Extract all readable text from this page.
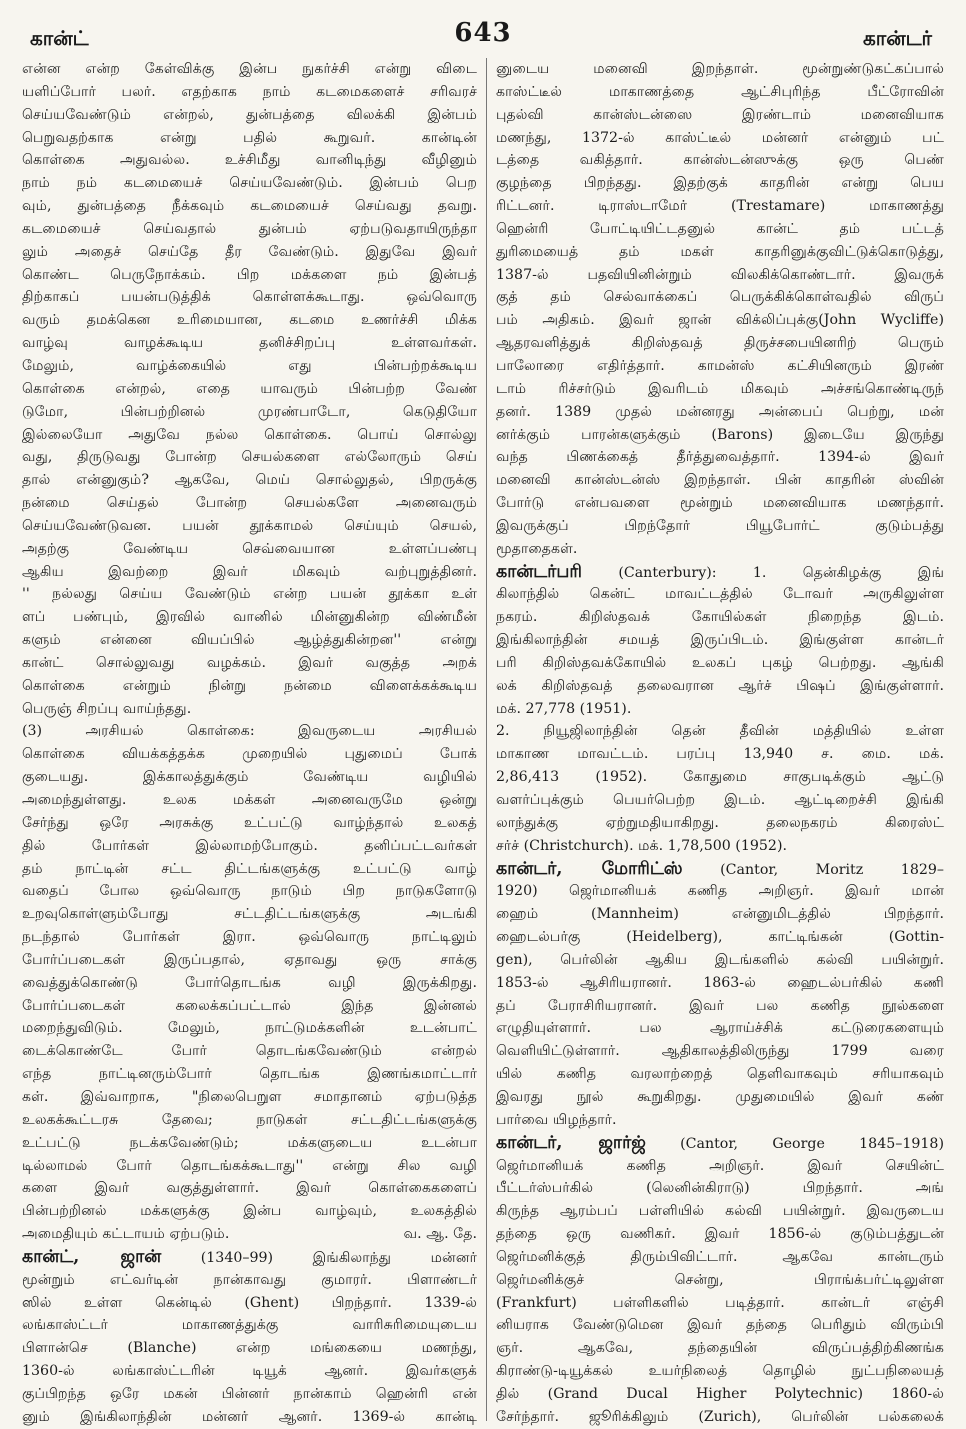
கான்ட்	643	கான்டர்
என்ன என்ற கேள்விக்கு இன்ப நுகர்ச்சி என்று விடை
யளிப்போர் பலர். எதற்காக நாம் கடமைகளைச் சரிவரச்
செய்யவேண்டும் என்றல், துன்பத்தை விலக்கி இன்பம்
பெறுவதற்காக என்று பதில் கூறுவர். கான்டின்
கொள்கை அதுவல்ல. உச்சிமீது வானிடிந்து வீழினும்
நாம் நம் கடமையைச் செய்யவேண்டும். இன்பம் பெற
வும், துன்பத்தை நீக்கவும் கடமையைச் செய்வது தவறு.
கடமையைச் செய்வதால் துன்பம் ஏற்படுவதாயிருந்தா
லும் அதைச் செய்தே தீர வேண்டும். இதுவே இவர்
கொண்ட பெருநோக்கம். பிற மக்களை நம் இன்பத்
திற்காகப் பயன்படுத்திக் கொள்ளக்கூடாது. ஒவ்வொரு
வரும் தமக்கென உரிமையான, கடமை உணர்ச்சி மிக்க
வாழ்வு வாழக்கூடிய தனிச்சிறப்பு உள்ளவர்கள்.
மேலும், வாழ்க்கையில் எது பின்பற்றக்கூடிய
கொள்கை என்றல், எதை யாவரும் பின்பற்ற வேண்
டுமோ, பின்பற்றினல் முரண்பாடோ, கெடுதியோ
இல்லையோ அதுவே நல்ல கொள்கை. பொய் சொல்லு
வது, திருடுவது போன்ற செயல்களை எல்லோரும் செய்
தால் என்னுகும்? ஆகவே, மெய் சொல்லுதல், பிறருக்கு
நன்மை செய்தல் போன்ற செயல்களே அனைவரும்
செய்யவேண்டுவன. பயன் தூக்காமல் செய்யும் செயல்,
அதற்கு வேண்டிய செவ்வையான உள்ளப்பண்பு
ஆகிய இவற்றை இவர் மிகவும் வற்புறுத்தினர்.
'' நல்லது செய்ய வேண்டும் என்ற பயன் தூக்கா உள்
ளப் பண்பும், இரவில் வானில் மின்னுகின்ற விண்மீன்
களும் என்னை வியப்பில் ஆழ்த்துகின்றன'' என்று
கான்ட் சொல்லுவது வழக்கம். இவர் வகுத்த அறக்
கொள்கை என்றும் நின்று நன்மை விளைக்கக்கூடிய
பெருஞ் சிறப்பு வாய்ந்தது.
(3) அரசியல் கொள்கை: இவருடைய அரசியல்
கொள்கை வியக்கத்தக்க முறையில் புதுமைப் போக்
குடையது. இக்காலத்துக்கும் வேண்டிய வழியில்
அமைந்துள்ளது. உலக மக்கள் அனைவருமே ஒன்று
சேர்ந்து ஒரே அரசுக்கு உட்பட்டு வாழ்ந்தால் உலகத்
தில் போர்கள் இல்லாமற்போகும். தனிப்பட்டவர்கள்
தம் நாட்டின் சட்ட திட்டங்களுக்கு உட்பட்டு வாழ்
வதைப் போல ஒவ்வொரு நாடும் பிற நாடுகளோடு
உறவுகொள்ளும்போது சட்டதிட்டங்களுக்கு அடங்கி
நடந்தால் போர்கள் இரா. ஒவ்வொரு நாட்டிலும்
போர்ப்படைகள் இருப்பதால், ஏதாவது ஒரு சாக்கு
வைத்துக்கொண்டு போர்தொடங்க வழி இருக்கிறது.
போர்ப்படைகள் கலைக்கப்பட்டால் இந்த இன்னல்
மறைந்துவிடும். மேலும், நாட்டுமக்களின் உடன்பாட்
டைக்கொண்டே போர் தொடங்கவேண்டும் என்றல்
எந்த நாட்டினரும்போர் தொடங்க இணங்கமாட்டார்
கள். இவ்வாறாக, "நிலைபெறுள சமாதானம் ஏற்படுத்த
உலகக்கூட்டரசு தேவை; நாடுகள் சட்டதிட்டங்களுக்கு
உட்பட்டு நடக்கவேண்டும்; மக்களுடைய உடன்பா
டில்லாமல் போர் தொடங்கக்கூடாது'' என்று சில வழி
களை இவர் வகுத்துள்ளார். இவர் கொள்கைகளைப்
பின்பற்றினல் மக்களுக்கு இன்ப வாழ்வும், உலகத்தில்
வ. ஆ. தே.
அமைதியும் கட்டாயம் ஏற்படும்.
கான்ட், ஜான் (1340–99) இங்கிலாந்து மன்னர்
மூன்றும் எட்வர்டின் நான்காவது குமாரர். பிளாண்டர்
ஸில் உள்ள கென்டில் (Ghent) பிறந்தார். 1339-ல்
லங்காஸ்ட்டர் மாகாணத்துக்கு வாரிசுரிமையுடைய
பிளான்செ (Blanche) என்ற மங்கையை மணந்து,
1360-ல் லங்காஸ்ட்டரின் டியூக் ஆனர். இவர்களுக்
குப்பிறந்த ஒரே மகன் பின்னர் நான்காம் ஹென்ரி என்
னும் இங்கிலாந்தின் மன்னர் ஆனர். 1369-ல் கான்டி
னுடைய மனைவி இறந்தாள். மூன்றுண்டுகட்கப்பால்
காஸ்ட்டீல் மாகாணத்தை ஆட்சிபுரிந்த பீட்ரோவின்
புதல்வி கான்ஸ்டன்ஸை இரண்டாம் மனைவியாக
மணந்து, 1372-ல் காஸ்ட்டீல் மன்னர் என்னும் பட்
டத்தை வகித்தார். கான்ஸ்டன்ஸுக்கு ஒரு பெண்
குழந்தை பிறந்தது. இதற்குக் காதரின் என்று பெய
ரிட்டனர். டிராஸ்டாமேர் (Trestamare) மாகாணத்து
ஹென்ரி போட்டியிட்டதனுல் கான்ட் தம் பட்டத்
துரிமையைத் தம் மகள் காதரினுக்குவிட்டுக்கொடுத்து,
1387-ல் பதவியினின்றும் விலகிக்கொண்டார். இவருக்
குத் தம் செல்வாக்கைப் பெருக்கிக்கொள்வதில் விருப்
பம் அதிகம். இவர் ஜான் விக்லிப்புக்கு(John Wycliffe)
ஆதரவளித்துக் கிறிஸ்தவத் திருச்சபையினரிற் பெரும்
பாலோரை எதிர்த்தார். காமன்ஸ் கட்சியினரும் இரண்
டாம் ரிச்சர்டும் இவரிடம் மிகவும் அச்சங்கொண்டிருந்
தனர். 1389 முதல் மன்னரது அன்பைப் பெற்று, மன்
னர்க்கும் பாரன்களுக்கும் (Barons) இடையே இருந்து
வந்த பிணக்கைத் தீர்த்துவைத்தார். 1394-ல் இவர்
மனைவி கான்ஸ்டன்ஸ் இறந்தாள். பின் காதரின் ஸ்வின்
போர்டு என்பவளை மூன்றும் மனைவியாக மணந்தார்.
இவருக்குப் பிறந்தோர் பியூபோர்ட் குடும்பத்து
மூதாதைகள்.
கான்டர்பரி (Canterbury): 1. தென்கிழக்கு இங்
கிலாந்தில் கென்ட் மாவட்டத்தில் டோவர் அருகிலுள்ள
நகரம். கிறிஸ்தவக் கோயில்கள் நிறைந்த இடம்.
இங்கிலாந்தின் சமயத் இருப்பிடம். இங்குள்ள கான்டர்
பரி கிறிஸ்தவக்கோயில் உலகப் புகழ் பெற்றது. ஆங்கி
லக் கிறிஸ்தவத் தலைவரான ஆர்ச் பிஷப் இங்குள்ளார்.
மக். 27,778 (1951).
2. நியூஜிலாந்தின் தென் தீவின் மத்தியில் உள்ள
மாகாண மாவட்டம். பரப்பு 13,940 ச. மை. மக்.
2,86,413 (1952). கோதுமை சாகுபடிக்கும் ஆட்டு
வளர்ப்புக்கும் பெயர்பெற்ற இடம். ஆட்டிறைச்சி இங்கி
லாந்துக்கு ஏற்றுமதியாகிறது. தலைநகரம் கிரைஸ்ட்
சர்ச் (Christchurch). மக். 1,78,500 (1952).
கான்டர், மோரிட்ஸ் (Cantor, Moritz 1829–
1920) ஜெர்மானியக் கணித அறிஞர். இவர் மான்
ஹைம் (Mannheim) என்னுமிடத்தில் பிறந்தார்.
ஹைடல்பர்கு (Heidelberg), காட்டிங்கன் (Gottin-
gen), பெர்லின் ஆகிய இடங்களில் கல்வி பயின்றுர்.
1853-ல் ஆசிரியரானர். 1863-ல் ஹைடல்பர்கில் கணி
தப் பேராசிரியரானர். இவர் பல கணித நூல்களை
எழுதியுள்ளார். பல ஆராய்ச்சிக் கட்டுரைகளையும்
வெளியிட்டுள்ளார். ஆதிகாலத்திலிருந்து 1799 வரை
யில் கணித வரலாற்றைத் தெளிவாகவும் சரியாகவும்
இவரது நூல் கூறுகிறது. முதுமையில் இவர் கண்
பார்வை யிழந்தார்.
கான்டர், ஜார்ஜ் (Cantor, George 1845–1918)
ஜெர்மானியக் கணித அறிஞர். இவர் செயின்ட்
பீட்டர்ஸ்பர்கில் (லெனின்கிராடு) பிறந்தார். அங்
கிருந்த ஆரம்பப் பள்ளியில் கல்வி பயின்றுர். இவருடைய
தந்தை ஒரு வணிகர். இவர் 1856-ல் குடும்பத்துடன்
ஜெர்மனிக்குத் திரும்பிவிட்டார். ஆகவே கான்டரும்
ஜெர்மனிக்குச் சென்று, பிராங்க்பர்ட்டிலுள்ள
(Frankfurt) பள்ளிகளில் படித்தார். கான்டர் எஞ்சி
னியராக வேண்டுமென இவர் தந்தை பெரிதும் விரும்பி
ஞர். ஆகவே, தந்தையின் விருப்பத்திற்கிணங்க
கிராண்டு-டியூக்கல் உயர்நிலைத் தொழில் நுட்பநிலையத்
தில் (Grand Ducal Higher Polytechnic) 1860-ல்
சேர்ந்தார். ஜூரிக்கிலும் (Zurich), பெர்லின் பல்கலைக்
